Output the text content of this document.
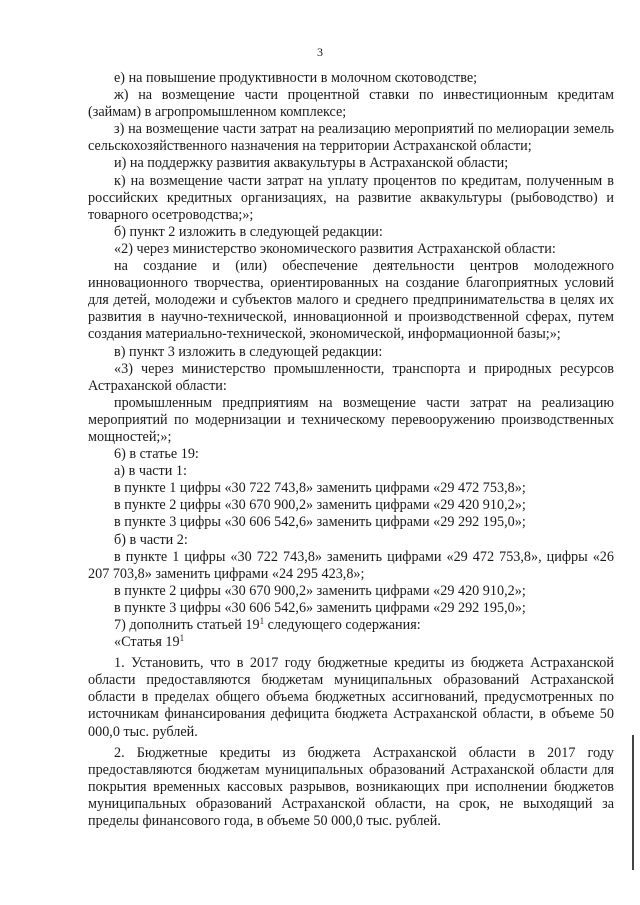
3

е) на повышение продуктивности в молочном скотоводстве;

ж) на возмещение части процентной ставки по инвестиционным кредитам (займам) в агропромышленном комплексе;

з) на возмещение части затрат на реализацию мероприятий по мелиорации земель сельскохозяйственного назначения на территории Астраханской области;

и) на поддержку развития аквакультуры в Астраханской области;

к) на возмещение части затрат на уплату процентов по кредитам, полученным в российских кредитных организациях, на развитие аквакультуры (рыбоводство) и товарного осетроводства;»;

б) пункт 2 изложить в следующей редакции:

«2) через министерство экономического развития Астраханской области:

на создание и (или) обеспечение деятельности центров молодежного инновационного творчества, ориентированных на создание благоприятных условий для детей, молодежи и субъектов малого и среднего предпринимательства в целях их развития в научно-технической, инновационной и производственной сферах, путем создания материально-технической, экономической, информационной базы;»;

в) пункт 3 изложить в следующей редакции:

«3) через министерство промышленности, транспорта и природных ресурсов Астраханской области:

промышленным предприятиям на возмещение части затрат на реализацию мероприятий по модернизации и техническому перевооружению производственных мощностей;»;

6) в статье 19:

а) в части 1:

в пункте 1 цифры «30 722 743,8» заменить цифрами «29 472 753,8»;

в пункте 2 цифры «30 670 900,2» заменить цифрами «29 420 910,2»;

в пункте 3 цифры «30 606 542,6» заменить цифрами «29 292 195,0»;

б) в части 2:

в пункте 1 цифры «30 722 743,8» заменить цифрами «29 472 753,8», цифры «26 207 703,8» заменить цифрами «24 295 423,8»;

в пункте 2 цифры «30 670 900,2» заменить цифрами «29 420 910,2»;

в пункте 3 цифры «30 606 542,6» заменить цифрами «29 292 195,0»;

7) дополнить статьей $19^1$ следующего содержания:

«Статья $19^1$

1. Установить, что в 2017 году бюджетные кредиты из бюджета Астраханской области предоставляются бюджетам муниципальных образований Астраханской области в пределах общего объема бюджетных ассигнований, предусмотренных по источникам финансирования дефицита бюджета Астраханской области, в объеме 50 000,0 тыс. рублей.

2. Бюджетные кредиты из бюджета Астраханской области в 2017 году предоставляются бюджетам муниципальных образований Астраханской области для покрытия временных кассовых разрывов, возникающих при исполнении бюджетов муниципальных образований Астраханской области, на срок, не выходящий за пределы финансового года, в объеме 50 000,0 тыс. рублей.
